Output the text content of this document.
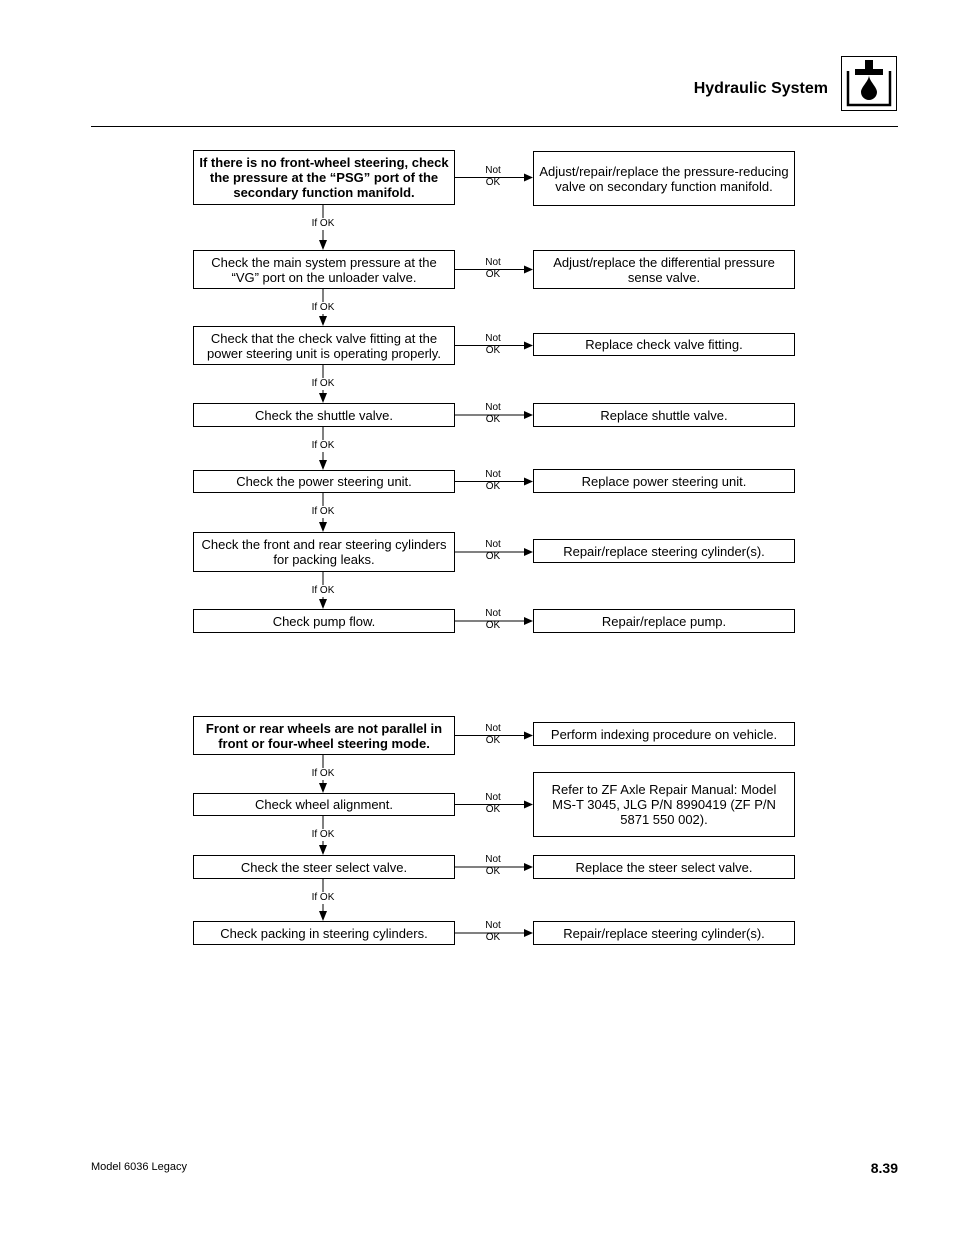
Hydraulic System
If there is no front-wheel steering, check the pressure at the “PSG” port of the secondary function manifold.
Adjust/repair/replace the pressure-reducing valve on secondary function manifold.
Not
OK
If OK
Check the main system pressure at the “VG” port on the unloader valve.
Adjust/replace the differential pressure sense valve.
Not
OK
If OK
Check that the check valve fitting at the power steering unit is operating properly.
Replace check valve fitting.
Not
OK
If OK
Check the shuttle valve.	Replace shuttle valve.
Not
OK
If OK
Check the power steering unit.	Replace power steering unit.
Not
OK
If OK
Check the front and rear steering cylinders for packing leaks.
Repair/replace steering cylinder(s).
Not
OK
If OK
Check pump flow.	Repair/replace pump.
Not
OK
Front or rear wheels are not parallel in front or four-wheel steering mode.
Perform indexing procedure on vehicle.
Not
OK
If OK
Check wheel alignment.
Refer to ZF Axle Repair Manual: Model MS-T 3045, JLG P/N 8990419 (ZF P/N 5871 550 002).
Not
OK
If OK
Check the steer select valve.	Replace the steer select valve.
Not
OK
If OK
Check packing in steering cylinders.	Repair/replace steering cylinder(s).
Not
OK
Model 6036 Legacy	8.39
